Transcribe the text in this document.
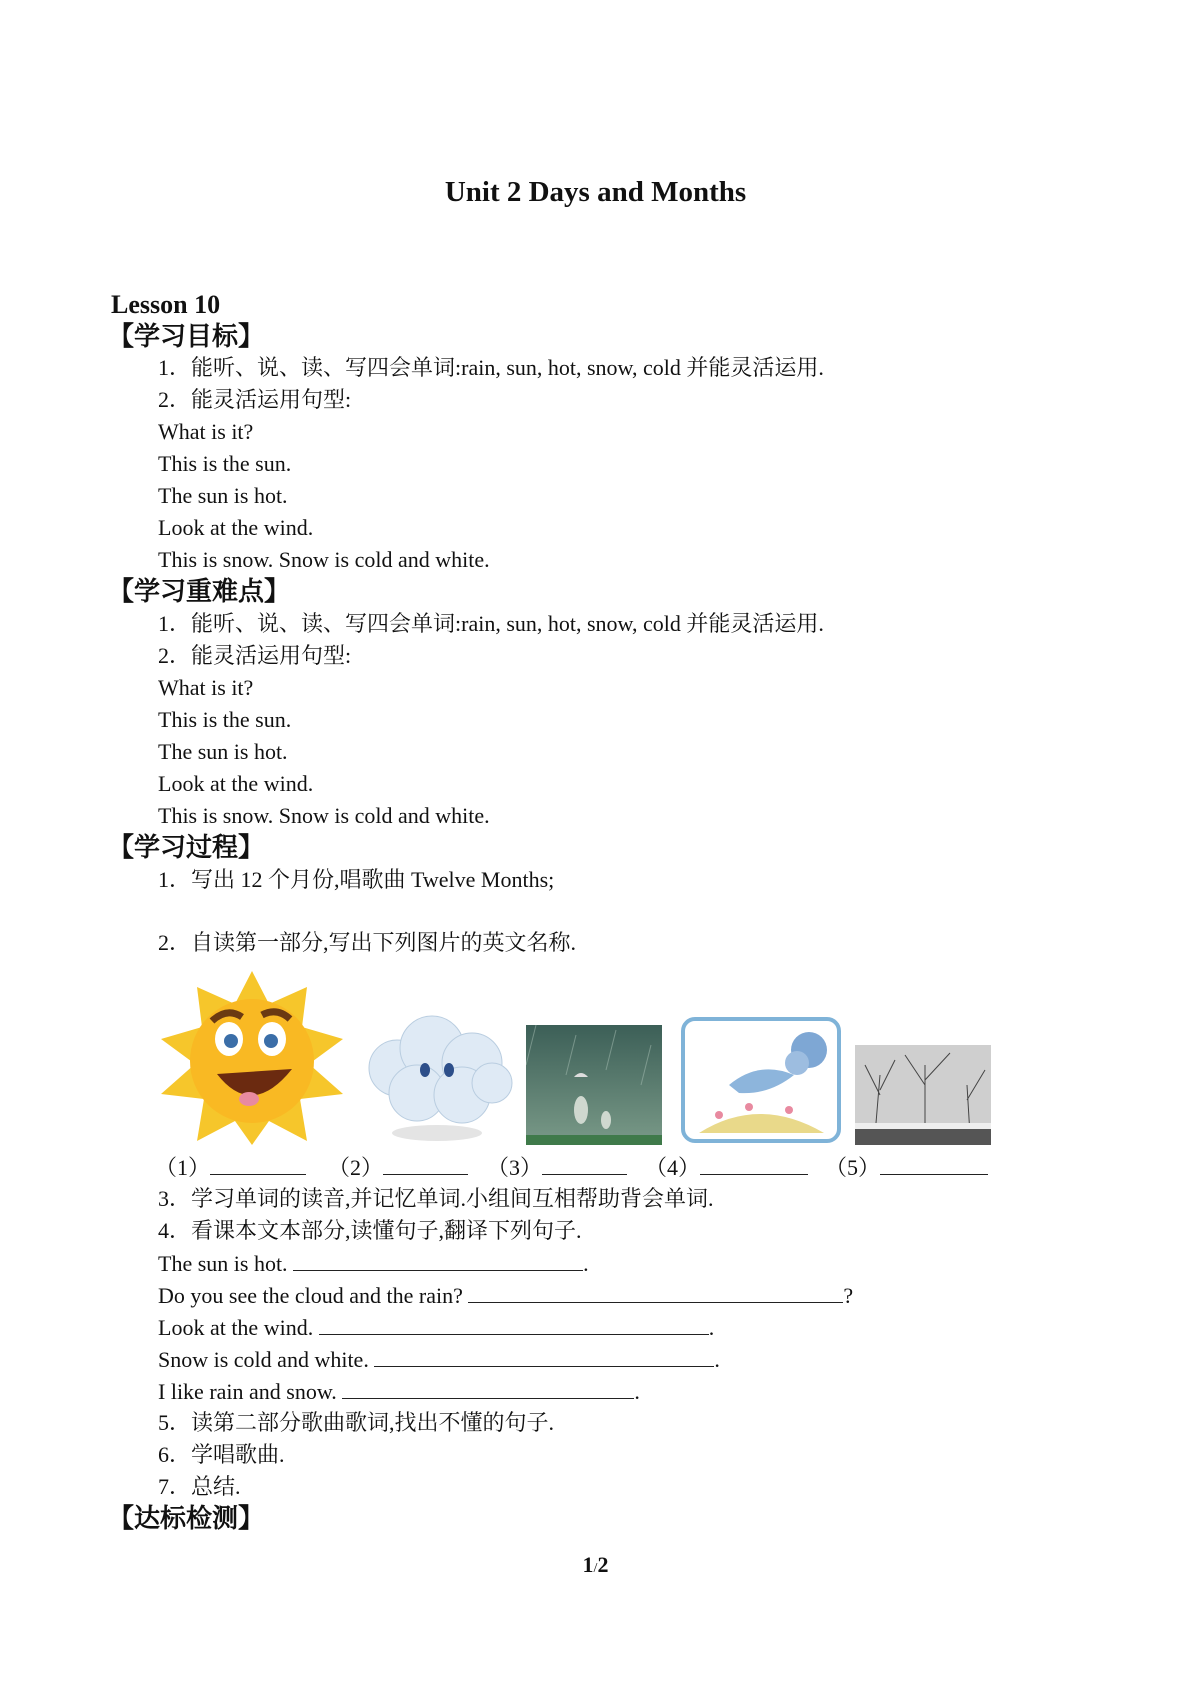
Unit 2 Days and Months
Lesson 10
【学习目标】
1．能听、说、读、写四会单词:rain, sun, hot, snow, cold 并能灵活运用.
2．能灵活运用句型:
What is it?
This is the sun.
The sun is hot.
Look at the wind.
This is snow. Snow is cold and white.
【学习重难点】
1．能听、说、读、写四会单词:rain, sun, hot, snow, cold 并能灵活运用.
2．能灵活运用句型:
What is it?
This is the sun.
The sun is hot.
Look at the wind.
This is snow. Snow is cold and white.
【学习过程】
1．写出 12 个月份,唱歌曲 Twelve Months;
2．自读第一部分,写出下列图片的英文名称.
（1）	（2）	（3）	（4）	（5）
3．学习单词的读音,并记忆单词.小组间互相帮助背会单词.
4．看课本文本部分,读懂句子,翻译下列句子.
The sun is hot.	.
Do you see the cloud and the rain?	?
Look at the wind.	.
Snow is cold and white.	.
I like rain and snow.	.
5．读第二部分歌曲歌词,找出不懂的句子.
6．学唱歌曲.
7．总结.
【达标检测】
1/2
